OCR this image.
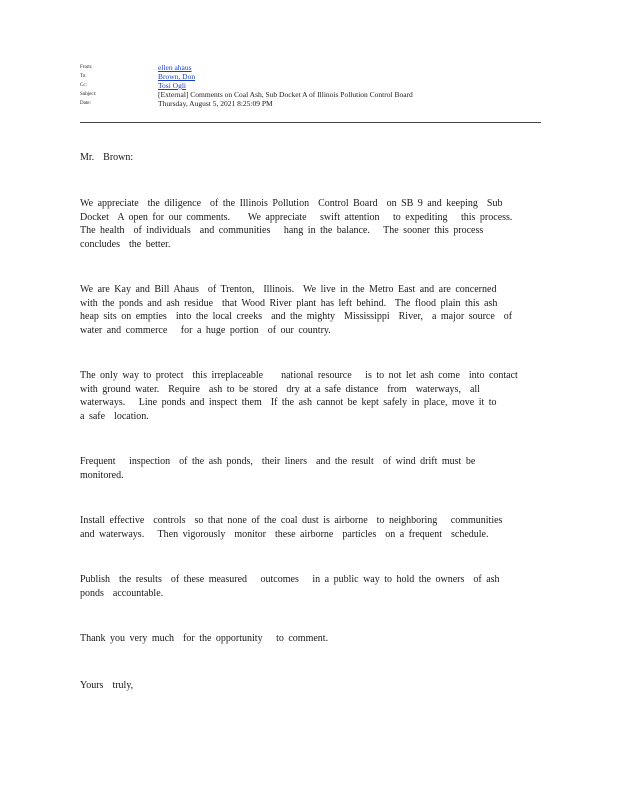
From:	ellen ahaus
To:	Brown, Don
Cc:	Tosi Ogli
Subject:	[External] Comments on Coal Ash, Sub Docket A of Illinois Pollution Control Board
Date:	Thursday, August 5, 2021 8:25:09 PM
Mr.  Brown:
We appreciate  the diligence  of the Illinois Pollution  Control Board  on SB 9 and keeping  Sub
Docket  A open for our comments.    We appreciate   swift attention   to expediting   this process.
The health  of individuals  and communities   hang in the balance.   The sooner this process
concludes  the better.
We are Kay and Bill Ahaus  of Trenton,  Illinois.  We live in the Metro East and are concerned
with the ponds and ash residue  that Wood River plant has left behind.  The flood plain this ash
heap sits on empties  into the local creeks  and the mighty  Mississippi  River,  a major source  of
water and commerce   for a huge portion  of our country.
The only way to protect  this irreplaceable    national resource   is to not let ash come  into contact
with ground water.  Require  ash to be stored  dry at a safe distance  from  waterways,  all
waterways.   Line ponds and inspect them  If the ash cannot be kept safely in place, move it to
a safe  location.
Frequent   inspection  of the ash ponds,  their liners  and the result  of wind drift must be
monitored.
Install effective  controls  so that none of the coal dust is airborne  to neighboring   communities
and waterways.   Then vigorously  monitor  these airborne  particles  on a frequent  schedule.
Publish  the results  of these measured   outcomes   in a public way to hold the owners  of ash
ponds  accountable.
Thank you very much  for the opportunity   to comment.
Yours  truly,
